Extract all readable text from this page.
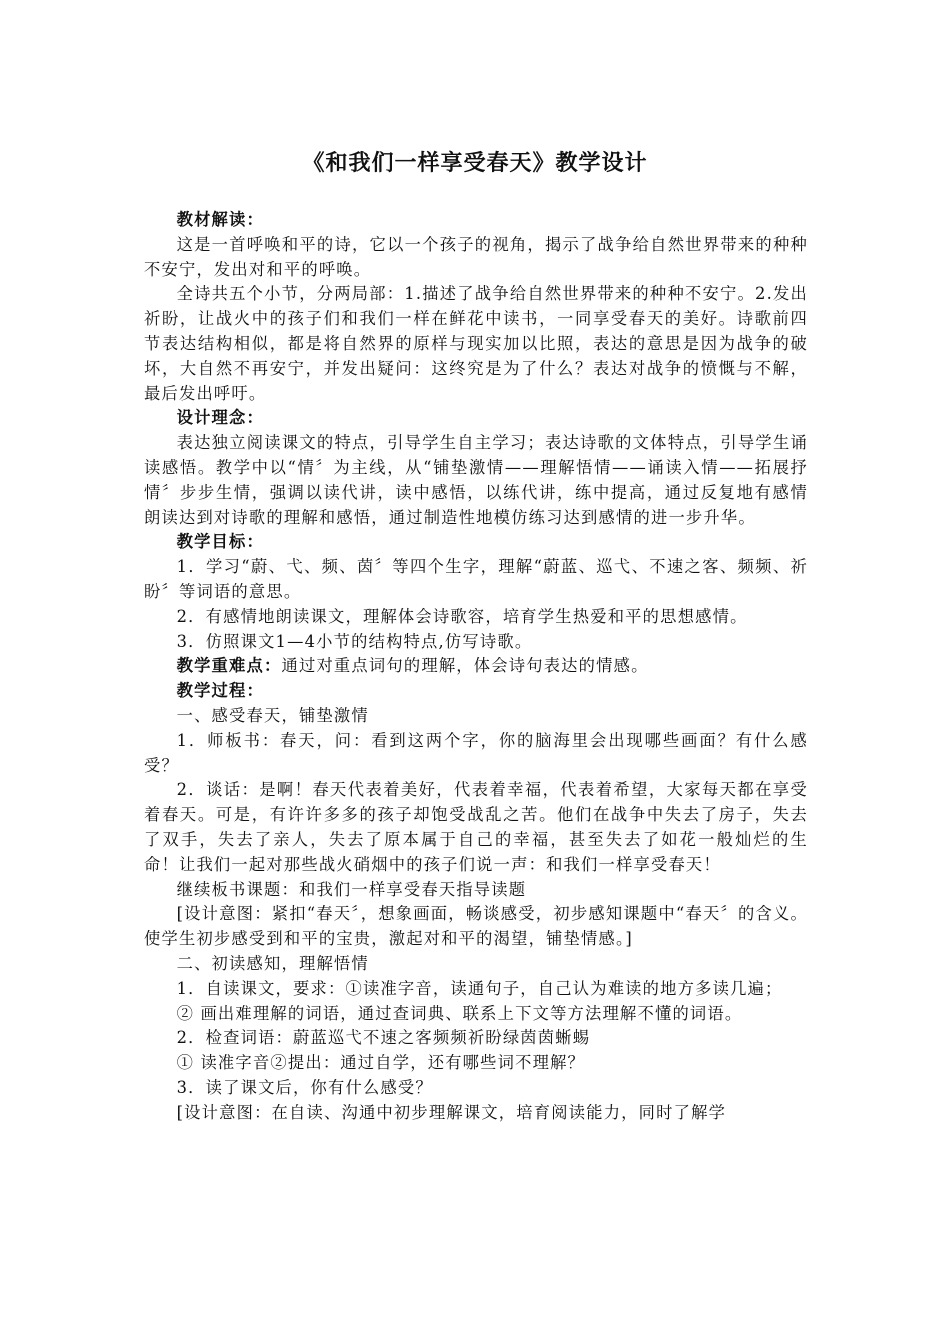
《和我们一样享受春天》教学设计

教材解读：

这是一首呼唤和平的诗，它以一个孩子的视角，揭示了战争给自然世界带来的种种不安宁，发出对和平的呼唤。

全诗共五个小节，分两局部：1.描述了战争给自然世界带来的种种不安宁。2.发出祈盼，让战火中的孩子们和我们一样在鲜花中读书，一同享受春天的美好。诗歌前四节表达结构相似，都是将自然界的原样与现实加以比照，表达的意思是因为战争的破坏，大自然不再安宁，并发出疑问：这终究是为了什么？表达对战争的愤慨与不解，最后发出呼吁。

设计理念：

表达独立阅读课文的特点，引导学生自主学习；表达诗歌的文体特点，引导学生诵读感悟。教学中以“情〞为主线，从“铺垫激情——理解悟情——诵读入情——拓展抒情〞步步生情，强调以读代讲，读中感悟，以练代讲，练中提高，通过反复地有感情朗读达到对诗歌的理解和感悟，通过制造性地模仿练习达到感情的进一步升华。

教学目标：

1．学习“蔚、弋、频、茵〞等四个生字，理解“蔚蓝、巡弋、不速之客、频频、祈盼〞等词语的意思。

2．有感情地朗读课文，理解体会诗歌容，培育学生热爱和平的思想感情。

3．仿照课文1—4小节的结构特点,仿写诗歌。

教学重难点：通过对重点词句的理解，体会诗句表达的情感。

教学过程：

一、感受春天，铺垫激情

1．师板书：春天，问：看到这两个字，你的脑海里会出现哪些画面？有什么感受？

2．谈话：是啊！春天代表着美好，代表着幸福，代表着希望，大家每天都在享受着春天。可是，有许许多多的孩子却饱受战乱之苦。他们在战争中失去了房子，失去了双手，失去了亲人，失去了原本属于自己的幸福，甚至失去了如花一般灿烂的生命！让我们一起对那些战火硝烟中的孩子们说一声：和我们一样享受春天！

继续板书课题：和我们一样享受春天指导读题

[设计意图：紧扣“春天〞，想象画面，畅谈感受，初步感知课题中“春天〞的含义。使学生初步感受到和平的宝贵，激起对和平的渴望，铺垫情感。]

二、初读感知，理解悟情

1．自读课文，要求：①读准字音，读通句子，自己认为难读的地方多读几遍；

② 画出难理解的词语，通过查词典、联系上下文等方法理解不懂的词语。

2．检查词语：蔚蓝巡弋不速之客频频祈盼绿茵茵蜥蜴

① 读准字音②提出：通过自学，还有哪些词不理解？

3．读了课文后，你有什么感受？

[设计意图：在自读、沟通中初步理解课文，培育阅读能力，同时了解学
